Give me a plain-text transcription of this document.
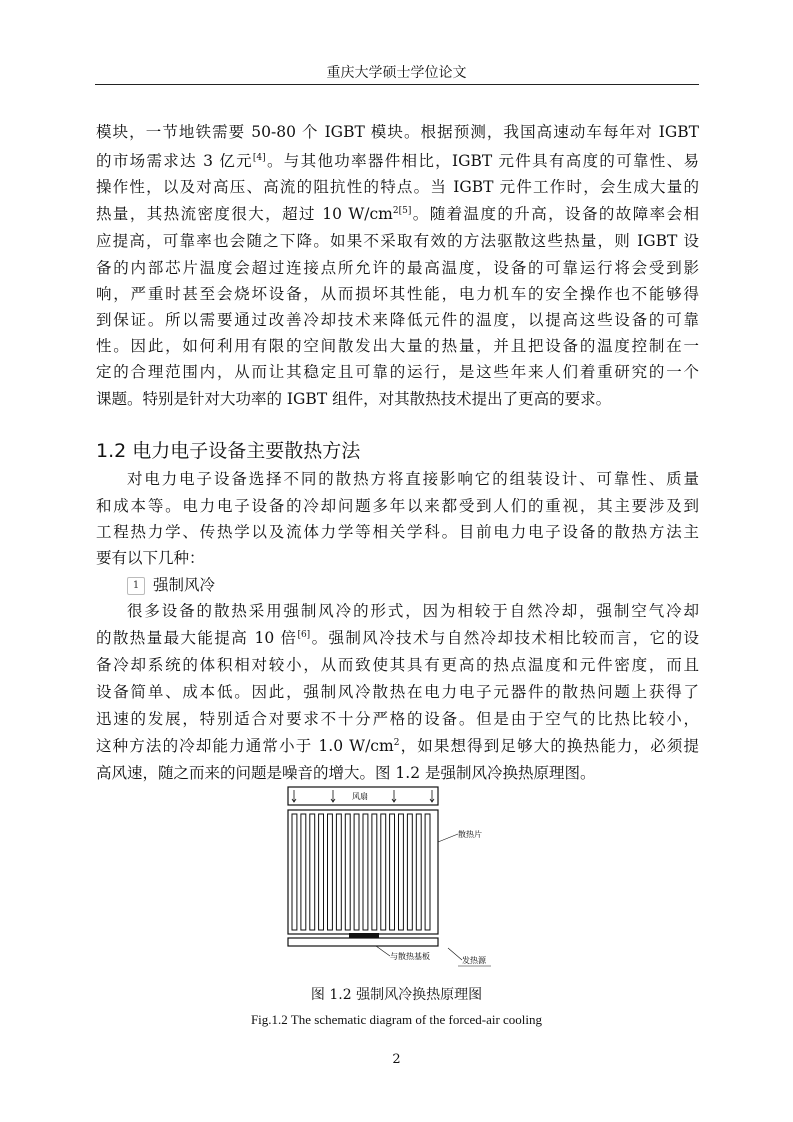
重庆大学硕士学位论文
模块，一节地铁需要 50-80 个 IGBT 模块。根据预测，我国高速动车每年对 IGBT
的市场需求达 3 亿元[4]。与其他功率器件相比，IGBT 元件具有高度的可靠性、易
操作性，以及对高压、高流的阻抗性的特点。当 IGBT 元件工作时，会生成大量的
热量，其热流密度很大，超过 10 $W/cm^{2[5]}$。随着温度的升高，设备的故障率会相
应提高，可靠率也会随之下降。如果不采取有效的方法驱散这些热量，则 IGBT 设
备的内部芯片温度会超过连接点所允许的最高温度，设备的可靠运行将会受到影
响，严重时甚至会烧坏设备，从而损坏其性能，电力机车的安全操作也不能够得
到保证。所以需要通过改善冷却技术来降低元件的温度，以提高这些设备的可靠
性。因此，如何利用有限的空间散发出大量的热量，并且把设备的温度控制在一
定的合理范围内，从而让其稳定且可靠的运行，是这些年来人们着重研究的一个
课题。特别是针对大功率的 IGBT 组件，对其散热技术提出了更高的要求。
1.2 电力电子设备主要散热方法
对电力电子设备选择不同的散热方将直接影响它的组装设计、可靠性、质量
和成本等。电力电子设备的冷却问题多年以来都受到人们的重视，其主要涉及到
工程热力学、传热学以及流体力学等相关学科。目前电力电子设备的散热方法主
要有以下几种：
1 强制风冷
很多设备的散热采用强制风冷的形式，因为相较于自然冷却，强制空气冷却
的散热量最大能提高 10 倍[6]。强制风冷技术与自然冷却技术相比较而言，它的设
备冷却系统的体积相对较小，从而致使其具有更高的热点温度和元件密度，而且
设备简单、成本低。因此，强制风冷散热在电力电子元器件的散热问题上获得了
迅速的发展，特别适合对要求不十分严格的设备。但是由于空气的比热比较小，
这种方法的冷却能力通常小于 1.0 $W/cm^2$，如果想得到足够大的换热能力，必须提
高风速，随之而来的问题是噪音的增大。图 1.2 是强制风冷换热原理图。
风扇
散热片
与散热基板	发热源
图 1.2 强制风冷换热原理图
Fig.1.2 The schematic diagram of the forced-air cooling
2
